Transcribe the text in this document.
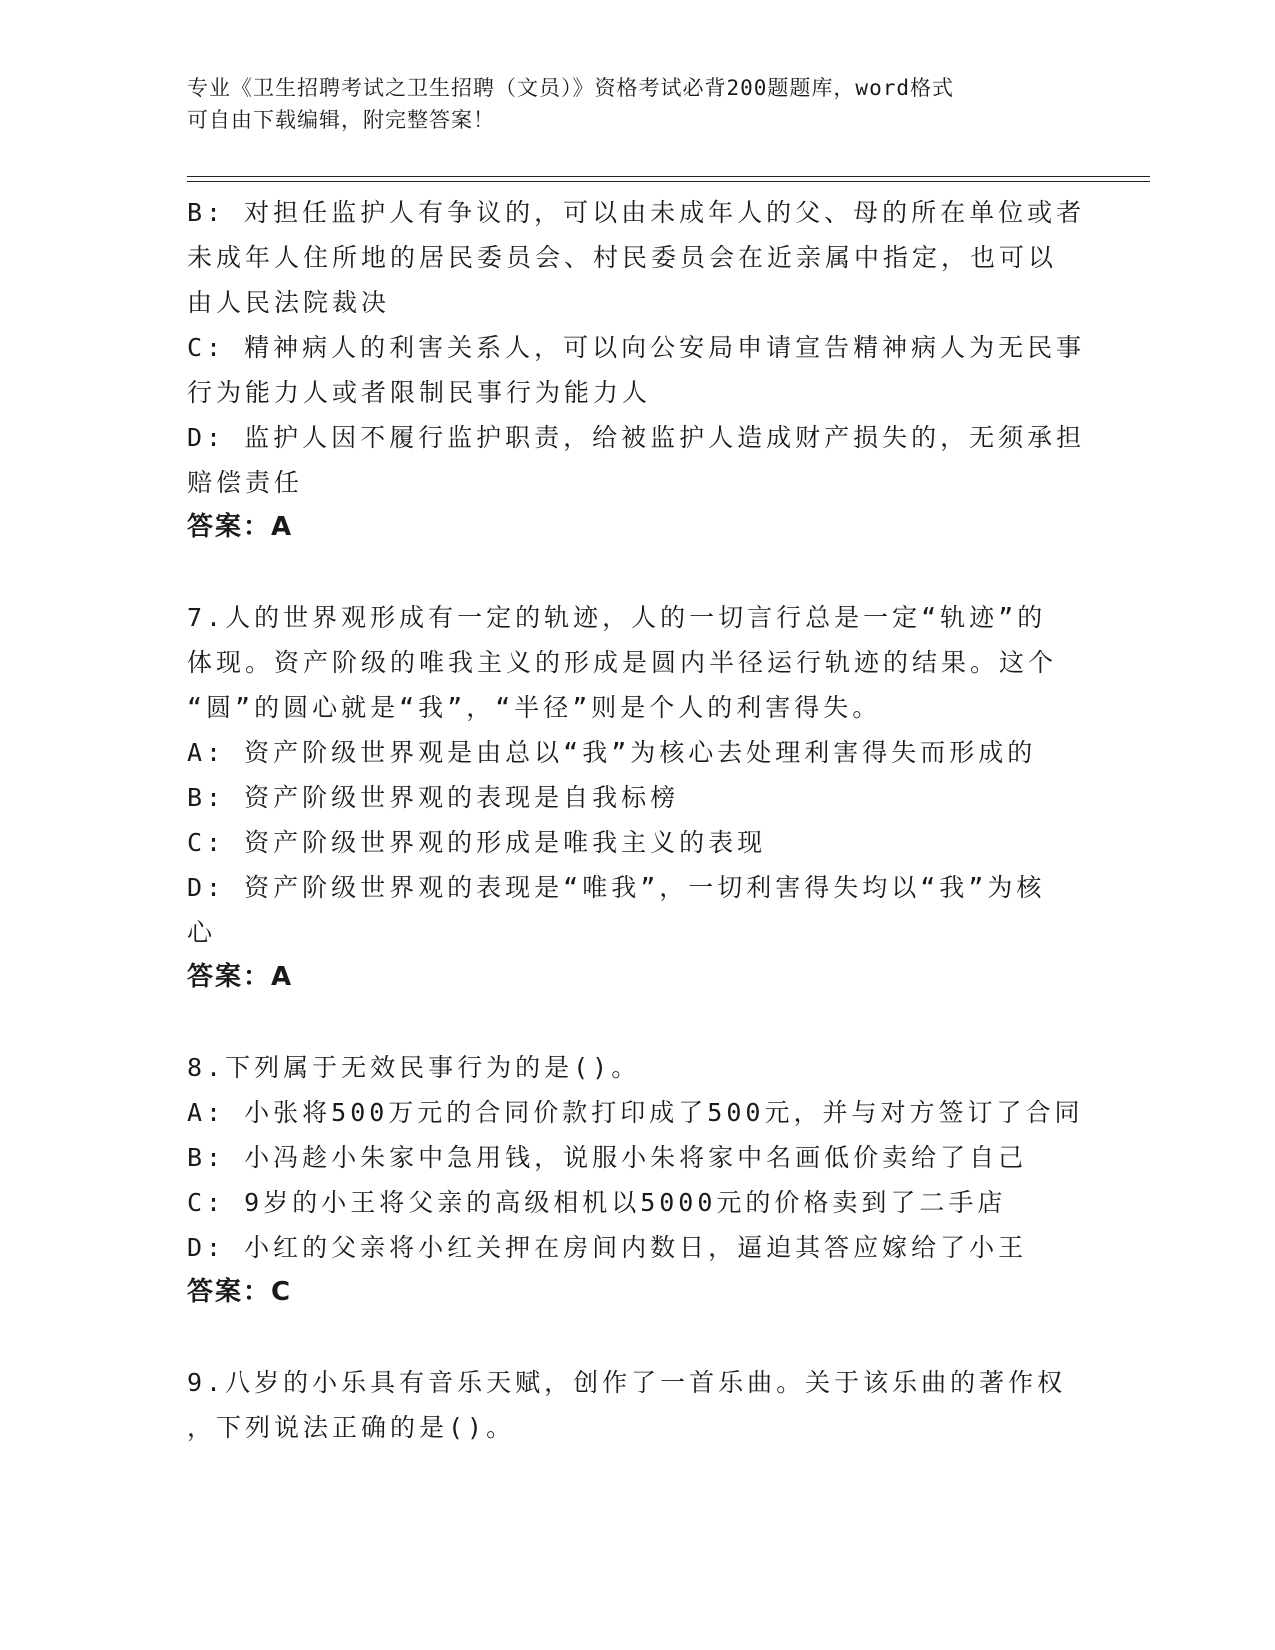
专业《卫生招聘考试之卫生招聘（文员）》资格考试必背200题题库，word格式
可自由下载编辑，附完整答案！
B: 对担任监护人有争议的，可以由未成年人的父、母的所在单位或者
未成年人住所地的居民委员会、村民委员会在近亲属中指定，也可以
由人民法院裁决
C: 精神病人的利害关系人，可以向公安局申请宣告精神病人为无民事
行为能力人或者限制民事行为能力人
D: 监护人因不履行监护职责，给被监护人造成财产损失的，无须承担
赔偿责任
答案：A
7.人的世界观形成有一定的轨迹，人的一切言行总是一定“轨迹”的
体现。资产阶级的唯我主义的形成是圆内半径运行轨迹的结果。这个
“圆”的圆心就是“我”，“半径”则是个人的利害得失。
A: 资产阶级世界观是由总以“我”为核心去处理利害得失而形成的
B: 资产阶级世界观的表现是自我标榜
C: 资产阶级世界观的形成是唯我主义的表现
D: 资产阶级世界观的表现是“唯我”，一切利害得失均以“我”为核
心
答案：A
8.下列属于无效民事行为的是()。
A: 小张将500万元的合同价款打印成了500元，并与对方签订了合同
B: 小冯趁小朱家中急用钱，说服小朱将家中名画低价卖给了自己
C: 9岁的小王将父亲的高级相机以5000元的价格卖到了二手店
D: 小红的父亲将小红关押在房间内数日，逼迫其答应嫁给了小王
答案：C
9.八岁的小乐具有音乐天赋，创作了一首乐曲。关于该乐曲的著作权
，下列说法正确的是()。
